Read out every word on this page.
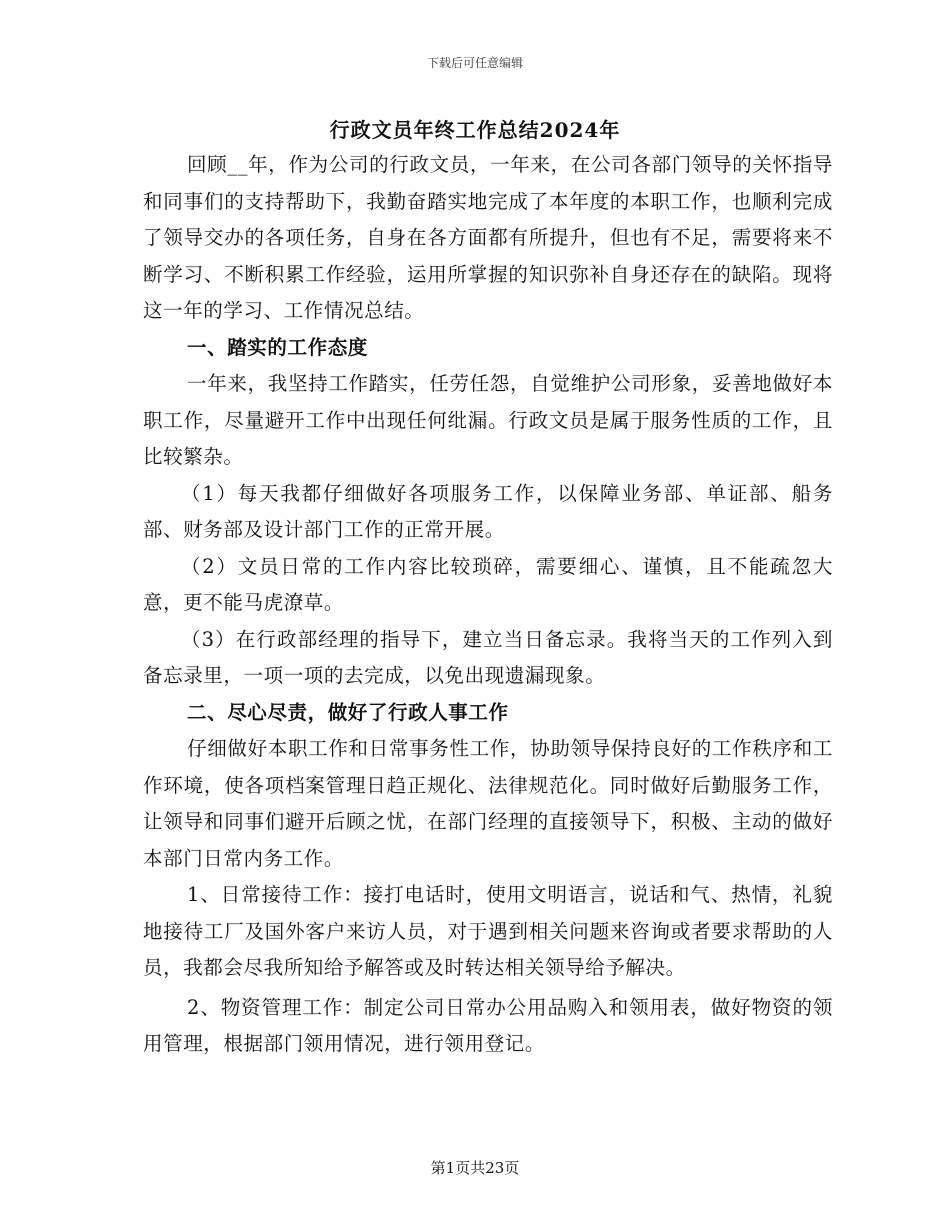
下载后可任意编辑
行政文员年终工作总结2024年

回顾__年，作为公司的行政文员，一年来，在公司各部门领导的关怀指导和同事们的支持帮助下，我勤奋踏实地完成了本年度的本职工作，也顺利完成了领导交办的各项任务，自身在各方面都有所提升，但也有不足，需要将来不断学习、不断积累工作经验，运用所掌握的知识弥补自身还存在的缺陷。现将这一年的学习、工作情况总结。

一、踏实的工作态度

一年来，我坚持工作踏实，任劳任怨，自觉维护公司形象，妥善地做好本职工作，尽量避开工作中出现任何纰漏。行政文员是属于服务性质的工作，且比较繁杂。

（1）每天我都仔细做好各项服务工作，以保障业务部、单证部、船务部、财务部及设计部门工作的正常开展。

（2）文员日常的工作内容比较琐碎，需要细心、谨慎，且不能疏忽大意，更不能马虎潦草。

（3）在行政部经理的指导下，建立当日备忘录。我将当天的工作列入到备忘录里，一项一项的去完成，以免出现遗漏现象。

二、尽心尽责，做好了行政人事工作

仔细做好本职工作和日常事务性工作，协助领导保持良好的工作秩序和工作环境，使各项档案管理日趋正规化、法律规范化。同时做好后勤服务工作，让领导和同事们避开后顾之忧，在部门经理的直接领导下，积极、主动的做好本部门日常内务工作。

1、日常接待工作：接打电话时，使用文明语言，说话和气、热情，礼貌地接待工厂及国外客户来访人员，对于遇到相关问题来咨询或者要求帮助的人员，我都会尽我所知给予解答或及时转达相关领导给予解决。

2、物资管理工作：制定公司日常办公用品购入和领用表，做好物资的领用管理，根据部门领用情况，进行领用登记。

第1页共23页
